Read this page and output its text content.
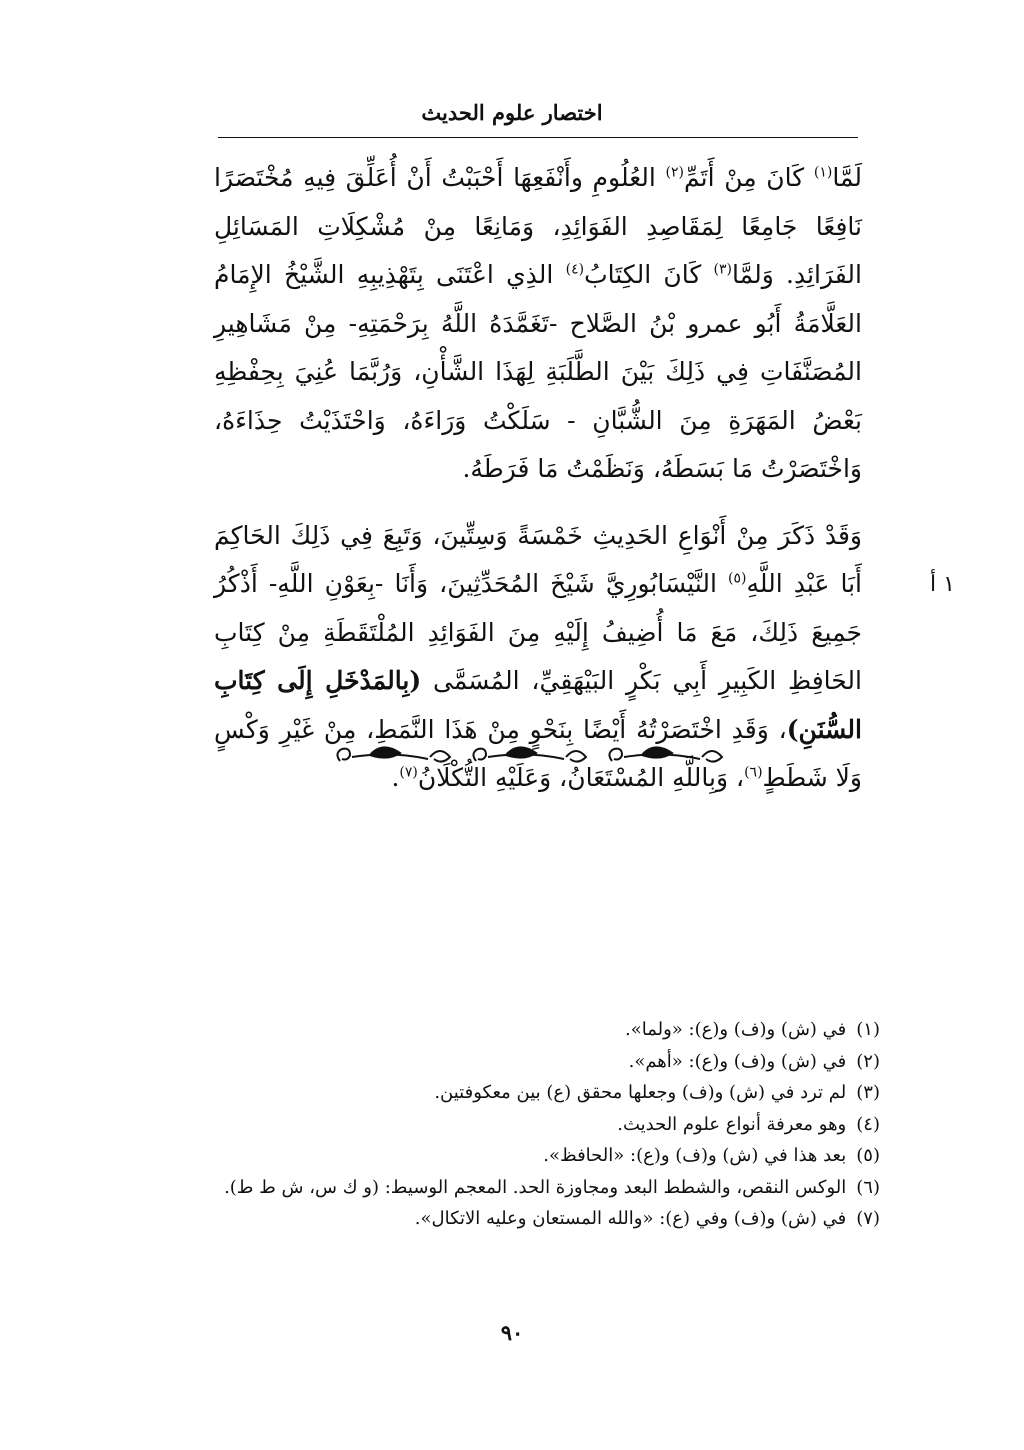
اختصار علوم الحديث

لَمَّا$^{(١)}$ كَانَ مِنْ أَتَمِّ$^{(٢)}$ العُلُومِ وأَنْفَعِهَا أَحْبَبْتُ أَنْ أُعَلِّقَ فِيهِ مُخْتَصَرًا نَافِعًا جَامِعًا لِمَقَاصِدِ الفَوَائِدِ، وَمَانِعًا مِنْ مُشْكِلَاتِ المَسَائِلِ الفَرَائِدِ. وَلمَّا$^{(٣)}$ كَانَ الكِتَابُ$^{(٤)}$ الذِي اعْتَنَى بِتَهْذِيبِهِ الشَّيْخُ الإِمَامُ العَلَّامَةُ أَبُو عمرو بْنُ الصَّلاح -تَغَمَّدَهُ اللَّهُ بِرَحْمَتِهِ- مِنْ مَشَاهِيرِ المُصَنَّفَاتِ فِي ذَلِكَ بَيْنَ الطَّلَبَةِ لِهَذَا الشَّأْنِ، وَرُبَّمَا عُنِيَ بِحِفْظِهِ بَعْضُ المَهَرَةِ مِنَ الشُّبَّانِ - سَلَكْتُ وَرَاءَهُ، وَاحْتَذَيْتُ حِذَاءَهُ، وَاخْتَصَرْتُ مَا بَسَطَهُ، وَنَظَمْتُ مَا فَرَطَهُ.

وَقَدْ ذَكَرَ مِنْ أَنْوَاعِ الحَدِيثِ خَمْسَةً وَسِتِّينَ، وَتَبِعَ فِي ذَلِكَ الحَاكِمَ أَبَا عَبْدِ اللَّهِ$^{(٥)}$ النَّيْسَابُورِيَّ شَيْخَ المُحَدِّثِينَ، وَأَنَا -بِعَوْنِ اللَّهِ- أَذْكُرُ جَمِيعَ ذَلِكَ، مَعَ مَا أُضِيفُ إِلَيْهِ مِنَ الفَوَائِدِ المُلْتَقَطَةِ مِنْ كِتَابِ الحَافِظِ الكَبِيرِ أَبِي بَكْرٍ البَيْهَقِيِّ، المُسَمَّى (بِالمَدْخَلِ إِلَى كِتَابِ السُّنَنِ)، وَقَدِ اخْتَصَرْتُهُ أَيْضًا بِنَحْوٍ مِنْ هَذَا النَّمَطِ، مِنْ غَيْرِ وَكْسٍ وَلَا شَطَطٍ$^{(٦)}$، وَبِاللَّهِ المُسْتَعَانُ، وَعَلَيْهِ التُّكْلَانُ$^{(٧)}$.

١ أ
(١)في (ش) و(ف) و(ع): «ولما».
(٢)في (ش) و(ف) و(ع): «أهم».
(٣)لم ترد في (ش) و(ف) وجعلها محقق (ع) بين معكوفتين.
(٤)وهو معرفة أنواع علوم الحديث.
(٥)بعد هذا في (ش) و(ف) و(ع): «الحافظ».
(٦)الوكس النقص، والشطط البعد ومجاوزة الحد. المعجم الوسيط: (و ك س، ش ط ط).
(٧)في (ش) و(ف) وفي (ع): «والله المستعان وعليه الاتكال».
٩٠
